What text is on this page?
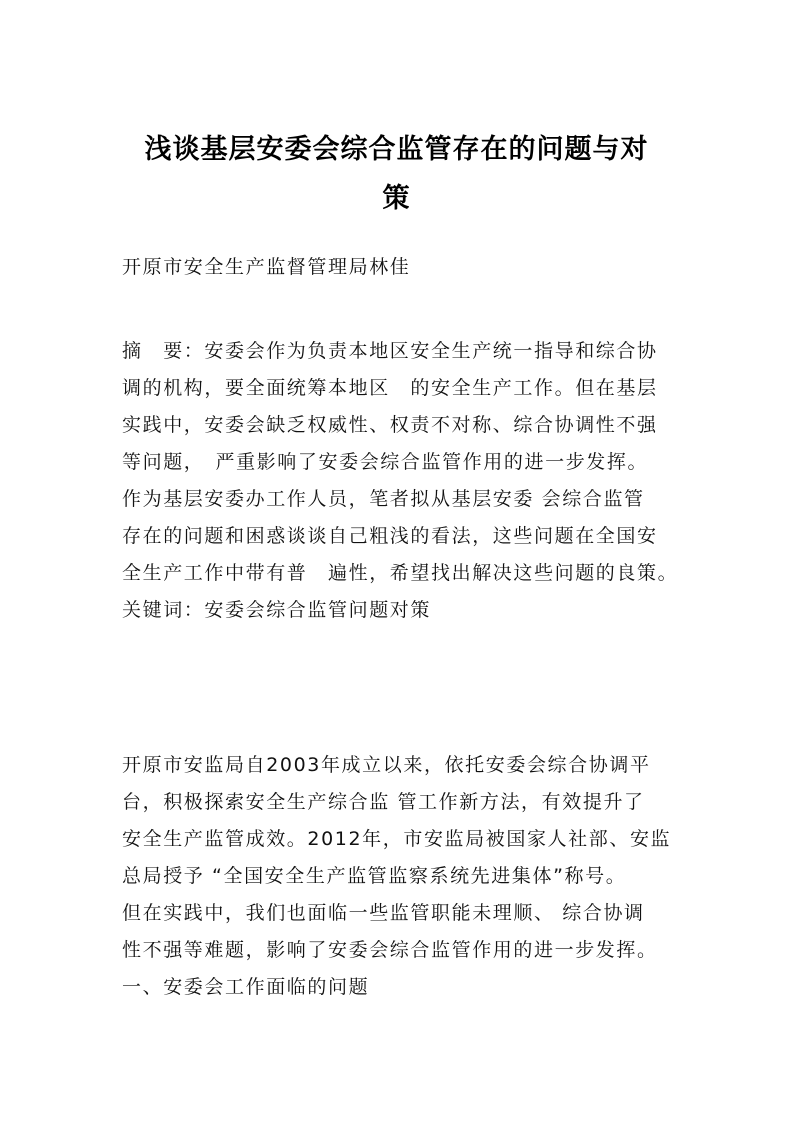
浅谈基层安委会综合监管存在的问题与对
策
开原市安全生产监督管理局林佳
摘　要：安委会作为负责本地区安全生产统一指导和综合协
调的机构，要全面统筹本地区　的安全生产工作。但在基层
实践中，安委会缺乏权威性、权责不对称、综合协调性不强
等问题，　严重影响了安委会综合监管作用的进一步发挥。
作为基层安委办工作人员，笔者拟从基层安委 会综合监管
存在的问题和困惑谈谈自己粗浅的看法，这些问题在全国安
全生产工作中带有普　遍性，希望找出解决这些问题的良策。
关键词：安委会综合监管问题对策
开原市安监局自2003年成立以来，依托安委会综合协调平
台，积极探索安全生产综合监 管工作新方法，有效提升了
安全生产监管成效。2012年，市安监局被国家人社部、安监
总局授予 “全国安全生产监管监察系统先进集体”称号。
但在实践中，我们也面临一些监管职能未理顺、 综合协调
性不强等难题，影响了安委会综合监管作用的进一步发挥。
一、安委会工作面临的问题
